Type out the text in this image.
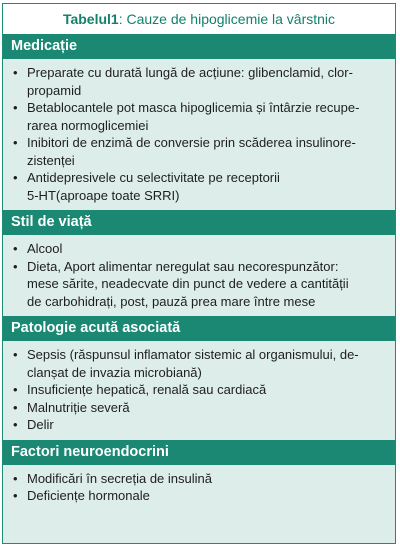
Tabelul1: Cauze de hipoglicemie la vârstnic
Medicație
• Preparate cu durată lungă de acțiune: glibenclamid, clor-
propamid
• Betablocantele pot masca hipoglicemia și întârzie recupe-
rarea normoglicemiei
• Inibitori de enzimă de conversie prin scăderea insulinore-
zistenței
• Antidepresivele cu selectivitate pe receptorii
5-HT(aproape toate SRRI)
Stil de viață
• Alcool
• Dieta, Aport alimentar neregulat sau necorespunzător:
mese sărite, neadecvate din punct de vedere a cantității
de carbohidrați, post, pauză prea mare între mese
Patologie acută asociată
• Sepsis (răspunsul inflamator sistemic al organismului, de-
clanșat de invazia microbiană)
• Insuficiențe hepatică, renală sau cardiacă
• Malnutriție severă
• Delir
Factori neuroendocrini
• Modificări în secreția de insulină
• Deficiențe hormonale
